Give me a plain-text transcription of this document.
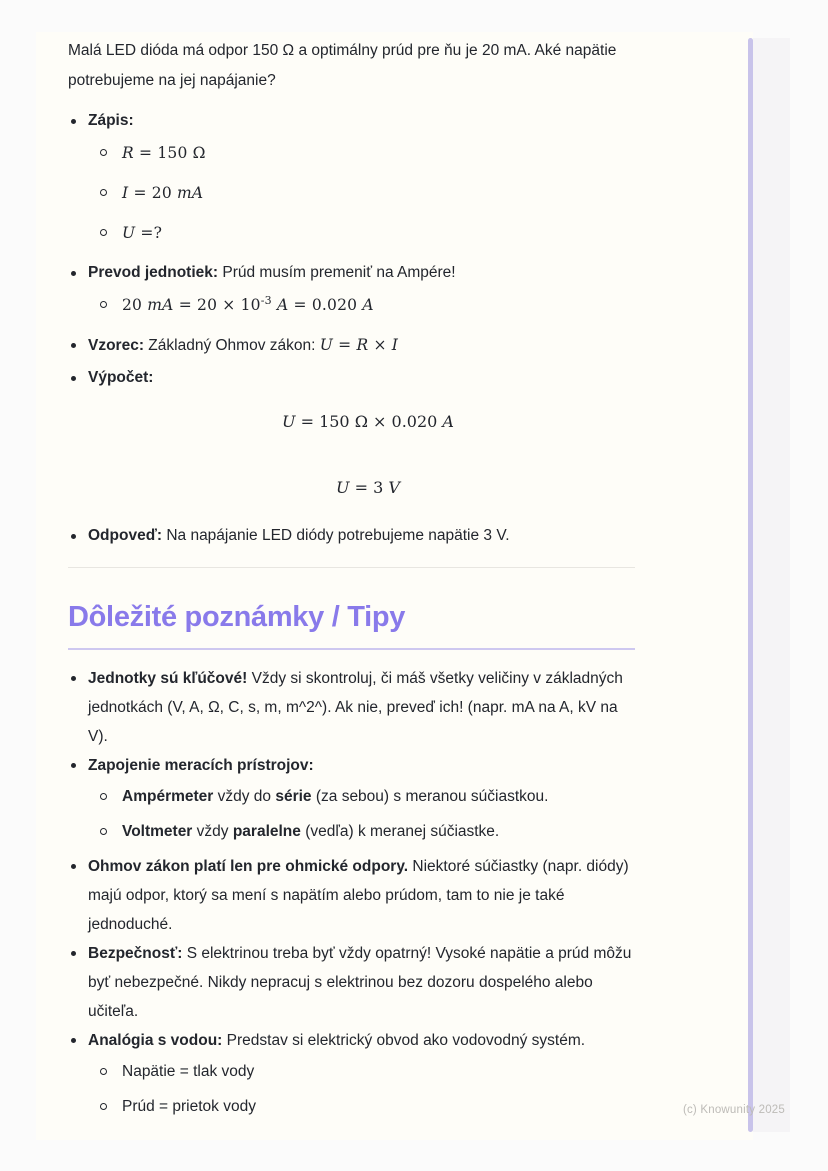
Malá LED dióda má odpor 150 Ω a optimálny prúd pre ňu je 20 mA. Aké napätie potrebujeme na jej napájanie?

Zápis:
R = 150 Ω
I = 20 mA
U =?
Prevod jednotiek: Prúd musím premeniť na Ampére!
20 mA = $20 \times 10^{-3}$ A = 0.020 A
Vzorec: Základný Ohmov zákon: U = R × I
Výpočet:
U = 150 Ω × 0.020 A
U = 3 V
Odpoveď: Na napájanie LED diódy potrebujeme napätie 3 V.
Dôležité poznámky / Tipy
Jednotky sú kľúčové! Vždy si skontroluj, či máš všetky veličiny v základných jednotkách (V, A, Ω, C, s, m, m^2^). Ak nie, preveď ich! (napr. mA na A, kV na V).
Zapojenie meracích prístrojov:
Ampérmeter vždy do série (za sebou) s meranou súčiastkou.
Voltmeter vždy paralelne (vedľa) k meranej súčiastke.
Ohmov zákon platí len pre ohmické odpory. Niektoré súčiastky (napr. diódy) majú odpor, ktorý sa mení s napätím alebo prúdom, tam to nie je také jednoduché.
Bezpečnosť: S elektrinou treba byť vždy opatrný! Vysoké napätie a prúd môžu byť nebezpečné. Nikdy nepracuj s elektrinou bez dozoru dospelého alebo učiteľa.
Analógia s vodou: Predstav si elektrický obvod ako vodovodný systém.
Napätie = tlak vody
Prúd = prietok vody	(c) Knowunity 2025
